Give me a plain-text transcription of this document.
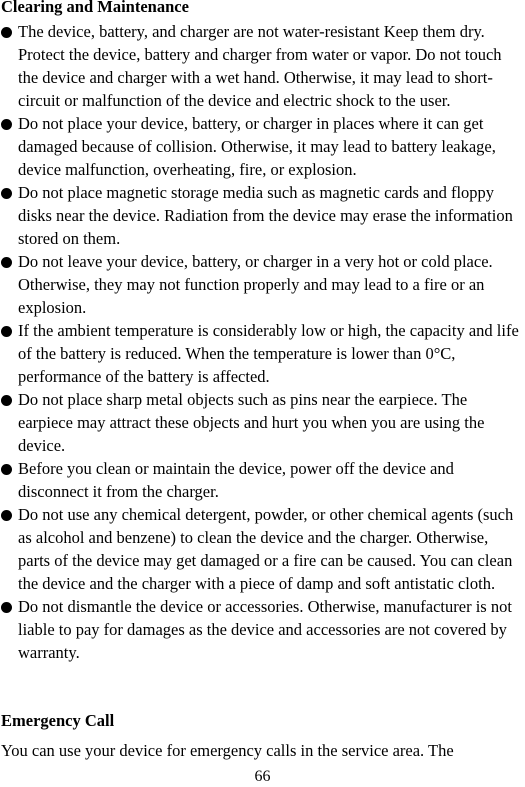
Clearing and Maintenance
The device, battery, and charger are not water-resistant Keep them dry. Protect the device, battery and charger from water or vapor. Do not touch the device and charger with a wet hand. Otherwise, it may lead to short-circuit or malfunction of the device and electric shock to the user.
Do not place your device, battery, or charger in places where it can get damaged because of collision. Otherwise, it may lead to battery leakage, device malfunction, overheating, fire, or explosion.
Do not place magnetic storage media such as magnetic cards and floppy disks near the device. Radiation from the device may erase the information stored on them.
Do not leave your device, battery, or charger in a very hot or cold place. Otherwise, they may not function properly and may lead to a fire or an explosion.
If the ambient temperature is considerably low or high, the capacity and life of the battery is reduced. When the temperature is lower than 0°C, performance of the battery is affected.
Do not place sharp metal objects such as pins near the earpiece. The earpiece may attract these objects and hurt you when you are using the device.
Before you clean or maintain the device, power off the device and disconnect it from the charger.
Do not use any chemical detergent, powder, or other chemical agents (such as alcohol and benzene) to clean the device and the charger. Otherwise, parts of the device may get damaged or a fire can be caused. You can clean the device and the charger with a piece of damp and soft antistatic cloth.
Do not dismantle the device or accessories. Otherwise, manufacturer is not liable to pay for damages as the device and accessories are not covered by warranty.
Emergency Call
You can use your device for emergency calls in the service area. The
66
